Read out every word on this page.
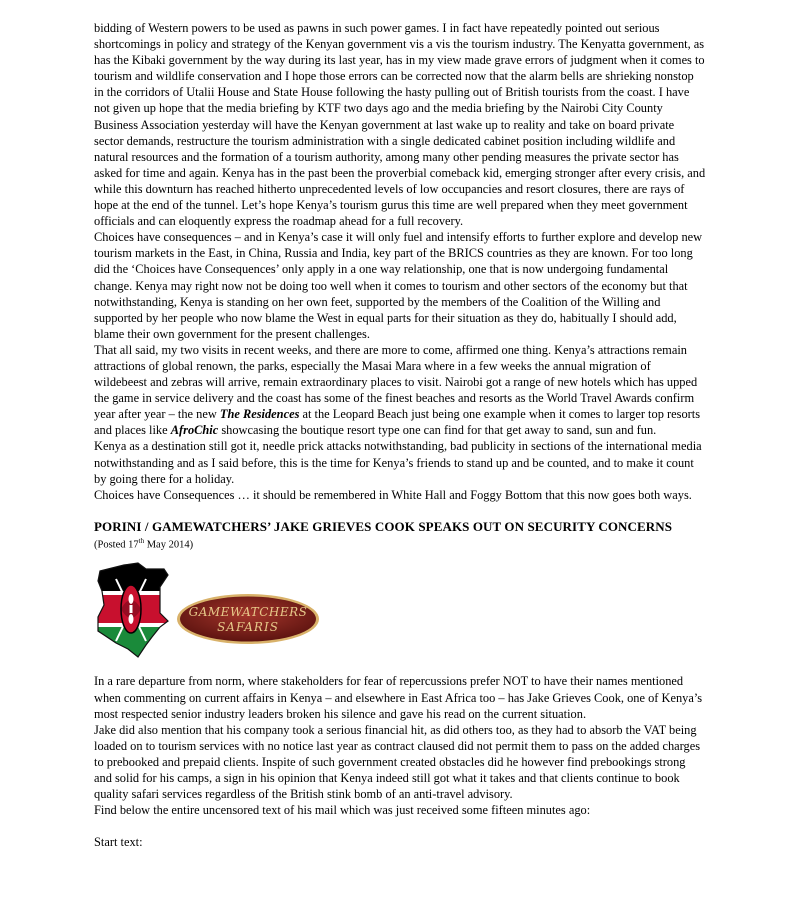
bidding of Western powers to be used as pawns in such power games. I in fact have repeatedly pointed out serious shortcomings in policy and strategy of the Kenyan government vis a vis the tourism industry. The Kenyatta government, as has the Kibaki government by the way during its last year, has in my view made grave errors of judgment when it comes to tourism and wildlife conservation and I hope those errors can be corrected now that the alarm bells are shrieking nonstop in the corridors of Utalii House and State House following the hasty pulling out of British tourists from the coast. I have not given up hope that the media briefing by KTF two days ago and the media briefing by the Nairobi City County Business Association yesterday will have the Kenyan government at last wake up to reality and take on board private sector demands, restructure the tourism administration with a single dedicated cabinet position including wildlife and natural resources and the formation of a tourism authority, among many other pending measures the private sector has asked for time and again. Kenya has in the past been the proverbial comeback kid, emerging stronger after every crisis, and while this downturn has reached hitherto unprecedented levels of low occupancies and resort closures, there are rays of hope at the end of the tunnel. Let’s hope Kenya’s tourism gurus this time are well prepared when they meet government officials and can eloquently express the roadmap ahead for a full recovery.

Choices have consequences – and in Kenya’s case it will only fuel and intensify efforts to further explore and develop new tourism markets in the East, in China, Russia and India, key part of the BRICS countries as they are known. For too long did the ‘Choices have Consequences’ only apply in a one way relationship, one that is now undergoing fundamental change. Kenya may right now not be doing too well when it comes to tourism and other sectors of the economy but that notwithstanding, Kenya is standing on her own feet, supported by the members of the Coalition of the Willing and supported by her people who now blame the West in equal parts for their situation as they do, habitually I should add, blame their own government for the present challenges.

That all said, my two visits in recent weeks, and there are more to come, affirmed one thing. Kenya’s attractions remain attractions of global renown, the parks, especially the Masai Mara where in a few weeks the annual migration of wildebeest and zebras will arrive, remain extraordinary places to visit. Nairobi got a range of new hotels which has upped the game in service delivery and the coast has some of the finest beaches and resorts as the World Travel Awards confirm year after year – the new The Residences at the Leopard Beach just being one example when it comes to larger top resorts and places like AfroChic showcasing the boutique resort type one can find for that get away to sand, sun and fun.

Kenya as a destination still got it, needle prick attacks notwithstanding, bad publicity in sections of the international media notwithstanding and as I said before, this is the time for Kenya’s friends to stand up and be counted, and to make it count by going there for a holiday.

Choices have Consequences … it should be remembered in White Hall and Foggy Bottom that this now goes both ways.

PORINI / GAMEWATCHERS’ JAKE GRIEVES COOK SPEAKS OUT ON SECURITY CONCERNS

(Posted 17th May 2014)

GAMEWATCHERS
SAFARIS

In a rare departure from norm, where stakeholders for fear of repercussions prefer NOT to have their names mentioned when commenting on current affairs in Kenya – and elsewhere in East Africa too – has Jake Grieves Cook, one of Kenya’s most respected senior industry leaders broken his silence and gave his read on the current situation.

Jake did also mention that his company took a serious financial hit, as did others too, as they had to absorb the VAT being loaded on to tourism services with no notice last year as contract claused did not permit them to pass on the added charges to prebooked and prepaid clients. Inspite of such government created obstacles did he however find prebookings strong and solid for his camps, a sign in his opinion that Kenya indeed still got what it takes and that clients continue to book quality safari services regardless of the British stink bomb of an anti-travel advisory.

Find below the entire uncensored text of his mail which was just received some fifteen minutes ago:

Start text:
